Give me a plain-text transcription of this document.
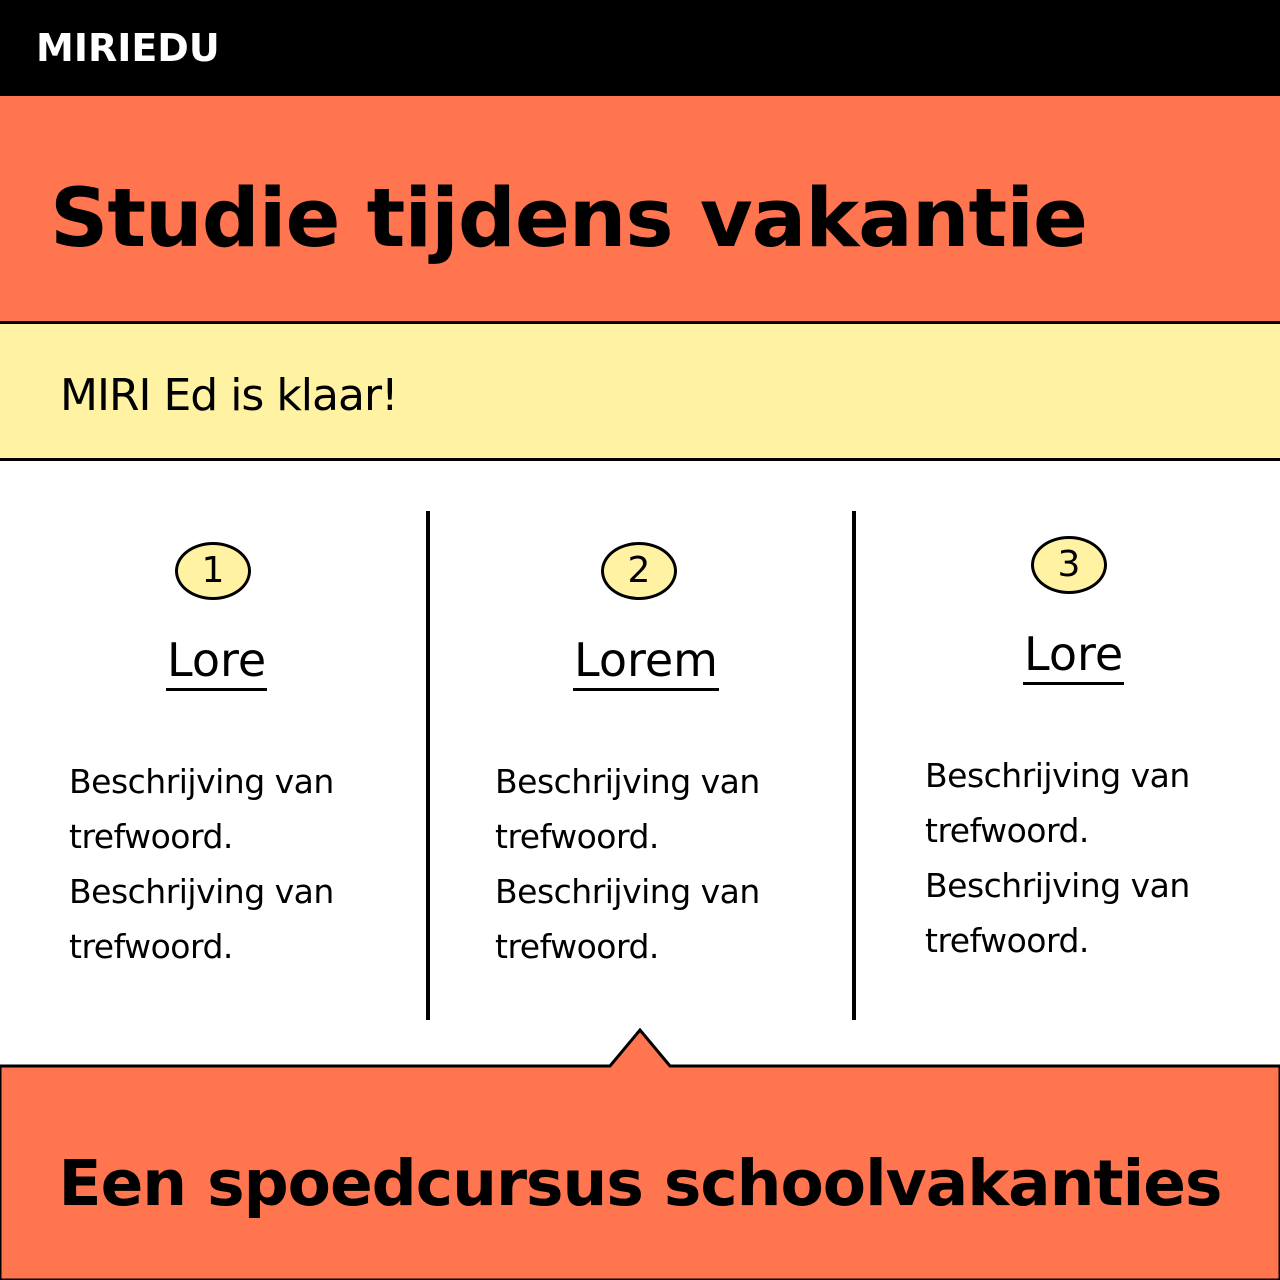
MIRIEDU
Studie tijdens vakantie
MIRI Ed is klaar!
1
Lore
Beschrijving van trefwoord. Beschrijving van trefwoord.
2
Lorem
Beschrijving van trefwoord. Beschrijving van trefwoord.
3
Lore
Beschrijving van trefwoord. Beschrijving van trefwoord.
Een spoedcursus schoolvakanties
